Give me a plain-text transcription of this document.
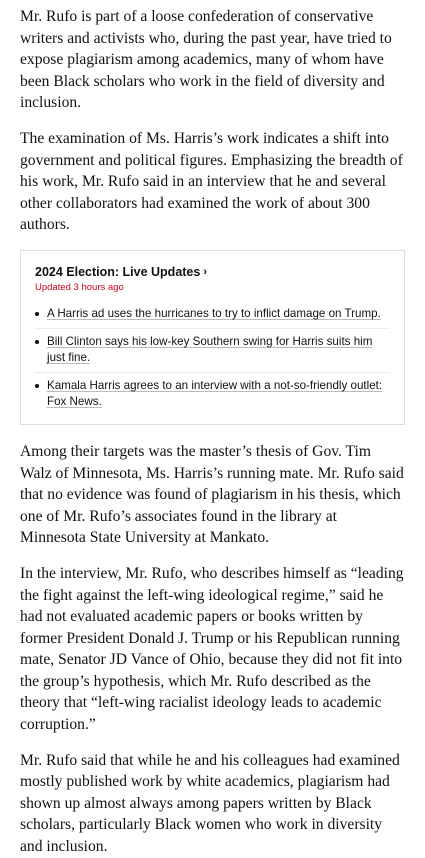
Mr. Rufo is part of a loose confederation of conservative writers and activists who, during the past year, have tried to expose plagiarism among academics, many of whom have been Black scholars who work in the field of diversity and inclusion.

The examination of Ms. Harris’s work indicates a shift into government and political figures. Emphasizing the breadth of his work, Mr. Rufo said in an interview that he and several other collaborators had examined the work of about 300 authors.

2024 Election: Live Updates ›
Updated 3 hours ago
A Harris ad uses the hurricanes to try to inflict damage on Trump.
Bill Clinton says his low-key Southern swing for Harris suits him just fine.
Kamala Harris agrees to an interview with a not-so-friendly outlet: Fox News.

Among their targets was the master’s thesis of Gov. Tim Walz of Minnesota, Ms. Harris’s running mate. Mr. Rufo said that no evidence was found of plagiarism in his thesis, which one of Mr. Rufo’s associates found in the library at Minnesota State University at Mankato.

In the interview, Mr. Rufo, who describes himself as “leading the fight against the left-wing ideological regime,” said he had not evaluated academic papers or books written by former President Donald J. Trump or his Republican running mate, Senator JD Vance of Ohio, because they did not fit into the group’s hypothesis, which Mr. Rufo described as the theory that “left-wing racialist ideology leads to academic corruption.”

Mr. Rufo said that while he and his colleagues had examined mostly published work by white academics, plagiarism had shown up almost always among papers written by Black scholars, particularly Black women who work in diversity and inclusion.
